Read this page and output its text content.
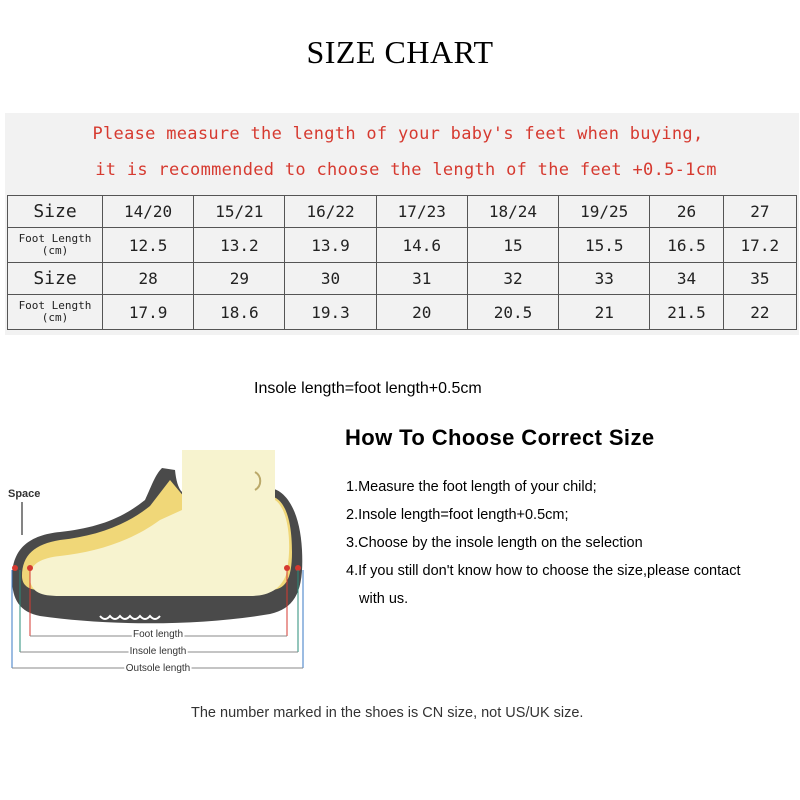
SIZE CHART
Please measure the length of your baby's feet when buying,
it is recommended to choose the length of the feet +0.5-1cm
Size	14/20	15/21	16/22	17/23	18/24	19/25	26	27

Foot Length
(cm)	12.5	13.2	13.9	14.6	15	15.5	16.5	17.2
Size	28	29	30	31	32	33	34	35

Foot Length
(cm)	17.9	18.6	19.3	20	20.5	21	21.5	22
Insole length=foot length+0.5cm
How To Choose Correct Size
1.Measure the foot length of your child;
2.Insole length=foot length+0.5cm;
3.Choose by the insole length on the selection
4.If you still don't know how to choose the size,please contact
with us.
Space
Foot length
Insole length
Outsole length
The number marked in the shoes is CN size, not US/UK size.
